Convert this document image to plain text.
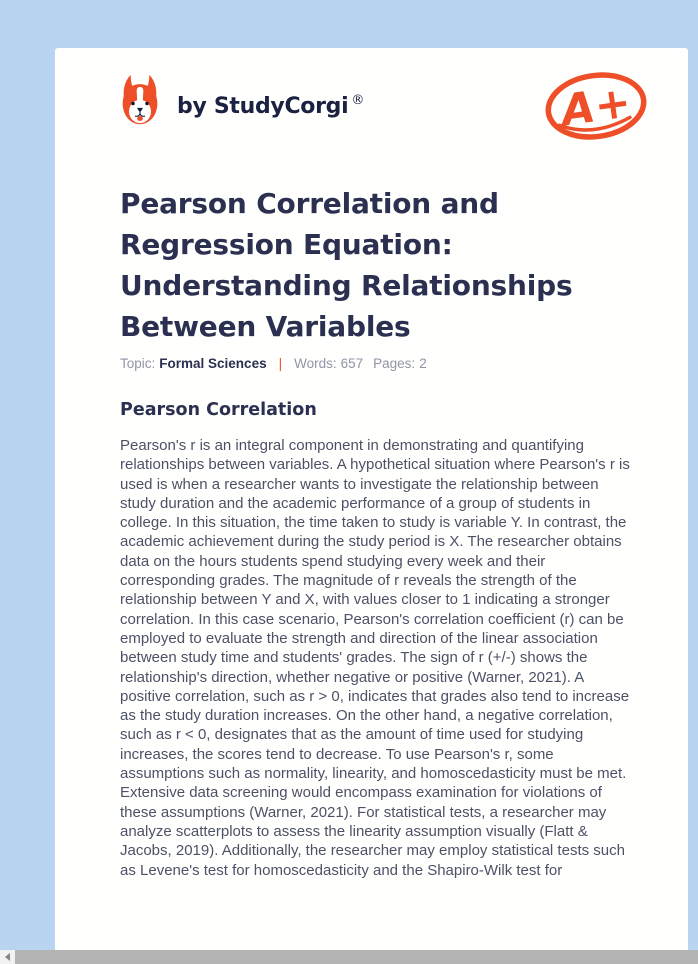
by StudyCorgi ®	A+
Pearson Correlation and Regression Equation: Understanding Relationships Between Variables
Topic: Formal Sciences | Words: 657 Pages: 2
Pearson Correlation

Pearson's r is an integral component in demonstrating and quantifying relationships between variables. A hypothetical situation where Pearson's r is used is when a researcher wants to investigate the relationship between study duration and the academic performance of a group of students in college. In this situation, the time taken to study is variable Y. In contrast, the academic achievement during the study period is X. The researcher obtains data on the hours students spend studying every week and their corresponding grades. The magnitude of r reveals the strength of the relationship between Y and X, with values closer to 1 indicating a stronger correlation. In this case scenario, Pearson's correlation coefficient (r) can be employed to evaluate the strength and direction of the linear association between study time and students' grades. The sign of r (+/-) shows the relationship's direction, whether negative or positive (Warner, 2021). A positive correlation, such as r > 0, indicates that grades also tend to increase as the study duration increases. On the other hand, a negative correlation, such as r < 0, designates that as the amount of time used for studying increases, the scores tend to decrease. To use Pearson's r, some assumptions such as normality, linearity, and homoscedasticity must be met. Extensive data screening would encompass examination for violations of these assumptions (Warner, 2021). For statistical tests, a researcher may analyze scatterplots to assess the linearity assumption visually (Flatt & Jacobs, 2019). Additionally, the researcher may employ statistical tests such as Levene's test for homoscedasticity and the Shapiro-Wilk test for
